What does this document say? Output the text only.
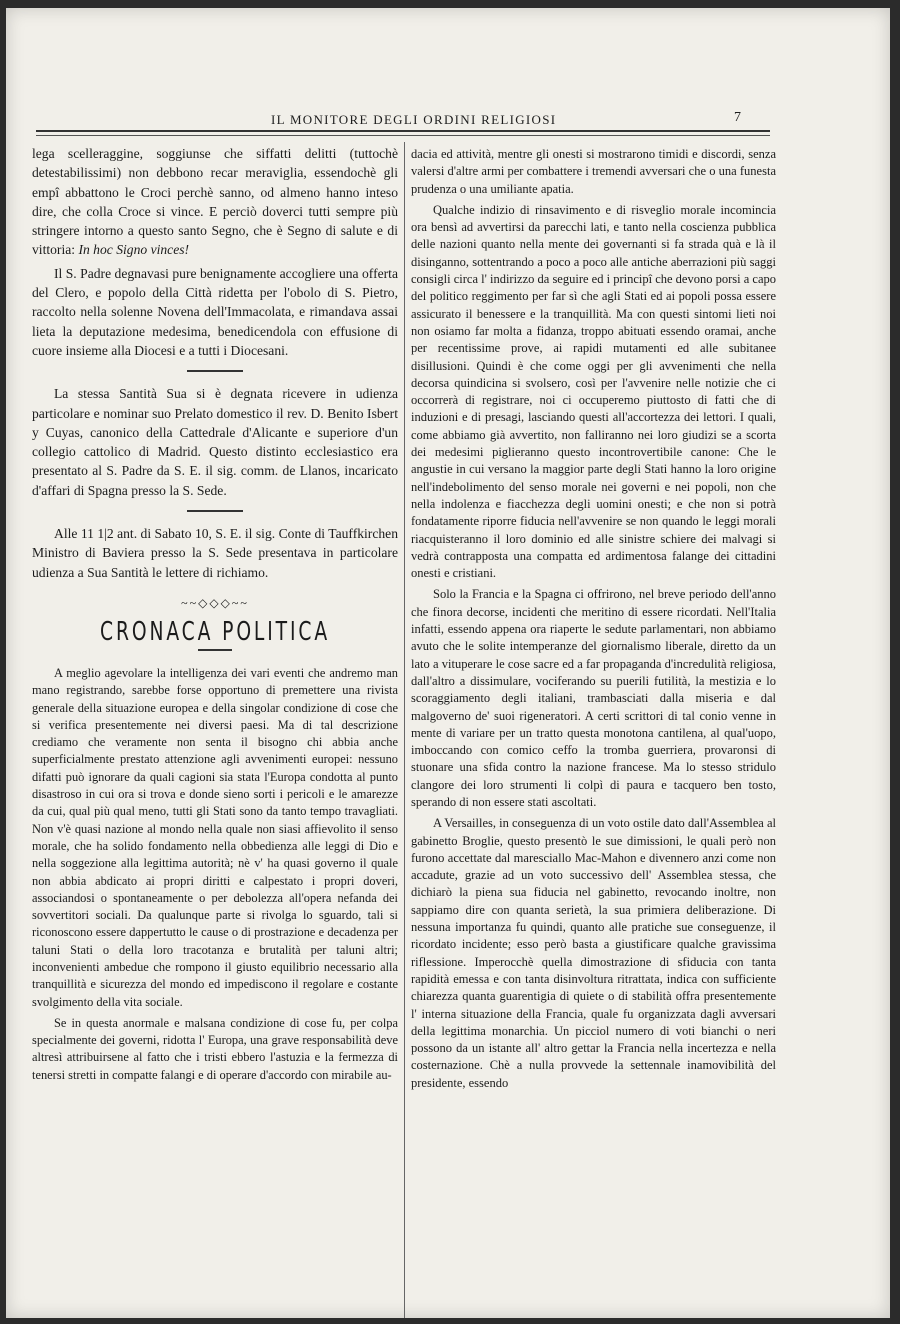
IL MONITORE DEGLI ORDINI RELIGIOSI	7

lega scelleraggine, soggiunse che siffatti delitti (tuttochè detestabilissimi) non debbono recar meraviglia, essendochè gli empî abbattono le Croci perchè sanno, od almeno hanno inteso dire, che colla Croce si vince. E perciò doverci tutti sempre più stringere intorno a questo santo Segno, che è Segno di salute e di vittoria: In hoc Signo vinces!

Il S. Padre degnavasi pure benignamente accogliere una offerta del Clero, e popolo della Città ridetta per l'obolo di S. Pietro, raccolto nella solenne Novena dell'Immacolata, e rimandava assai lieta la deputazione medesima, benedicendola con effusione di cuore insieme alla Diocesi e a tutti i Diocesani.

La stessa Santità Sua si è degnata ricevere in udienza particolare e nominar suo Prelato domestico il rev. D. Benito Isbert y Cuyas, canonico della Cattedrale d'Alicante e superiore d'un collegio cattolico di Madrid. Questo distinto ecclesiastico era presentato al S. Padre da S. E. il sig. comm. de Llanos, incaricato d'affari di Spagna presso la S. Sede.

Alle 11 1|2 ant. di Sabato 10, S. E. il sig. Conte di Tauffkirchen Ministro di Baviera presso la S. Sede presentava in particolare udienza a Sua Santità le lettere di richiamo.

~~◇◇◇~~
CRONACA POLITICA

A meglio agevolare la intelligenza dei vari eventi che andremo man mano registrando, sarebbe forse opportuno di premettere una rivista generale della situazione europea e della singolar condizione di cose che si verifica presentemente nei diversi paesi. Ma di tal descrizione crediamo che veramente non senta il bisogno chi abbia anche superficialmente prestato attenzione agli avvenimenti europei: nessuno difatti può ignorare da quali cagioni sia stata l'Europa condotta al punto disastroso in cui ora si trova e donde sieno sorti i pericoli e le amarezze da cui, qual più qual meno, tutti gli Stati sono da tanto tempo travagliati. Non v'è quasi nazione al mondo nella quale non siasi affievolito il senso morale, che ha solido fondamento nella obbedienza alle leggi di Dio e nella soggezione alla legittima autorità; nè v' ha quasi governo il quale non abbia abdicato ai propri diritti e calpestato i propri doveri, associandosi o spontaneamente o per debolezza all'opera nefanda dei sovvertitori sociali. Da qualunque parte si rivolga lo sguardo, tali si riconoscono essere dappertutto le cause o di prostrazione e decadenza per taluni Stati o della loro tracotanza e brutalità per taluni altri; inconvenienti ambedue che rompono il giusto equilibrio necessario alla tranquillità e sicurezza del mondo ed impediscono il regolare e costante svolgimento della vita sociale.

Se in questa anormale e malsana condizione di cose fu, per colpa specialmente dei governi, ridotta l' Europa, una grave responsabilità deve altresì attribuirsene al fatto che i tristi ebbero l'astuzia e la fermezza di tenersi stretti in compatte falangi e di operare d'accordo con mirabile au-

dacia ed attività, mentre gli onesti si mostrarono timidi e discordi, senza valersi d'altre armi per combattere i tremendi avversari che o una funesta prudenza o una umiliante apatia.

Qualche indizio di rinsavimento e di risveglio morale incomincia ora bensì ad avvertirsi da parecchi lati, e tanto nella coscienza pubblica delle nazioni quanto nella mente dei governanti si fa strada quà e là il disinganno, sottentrando a poco a poco alle antiche aberrazioni più saggi consigli circa l' indirizzo da seguire ed i principî che devono porsi a capo del politico reggimento per far sì che agli Stati ed ai popoli possa essere assicurato il benessere e la tranquillità. Ma con questi sintomi lieti noi non osiamo far molta a fidanza, troppo abituati essendo oramai, anche per recentissime prove, ai rapidi mutamenti ed alle subitanee disillusioni. Quindi è che come oggi per gli avvenimenti che nella decorsa quindicina si svolsero, così per l'avvenire nelle notizie che ci occorrerà di registrare, noi ci occuperemo piuttosto di fatti che di induzioni e di presagi, lasciando questi all'accortezza dei lettori. I quali, come abbiamo già avvertito, non falliranno nei loro giudizi se a scorta dei medesimi piglieranno questo incontrovertibile canone: Che le angustie in cui versano la maggior parte degli Stati hanno la loro origine nell'indebolimento del senso morale nei governi e nei popoli, non che nella indolenza e fiacchezza degli uomini onesti; e che non si potrà fondatamente riporre fiducia nell'avvenire se non quando le leggi morali riacquisteranno il loro dominio ed alle sinistre schiere dei malvagi si vedrà contrapposta una compatta ed ardimentosa falange dei cittadini onesti e cristiani.

Solo la Francia e la Spagna ci offrirono, nel breve periodo dell'anno che finora decorse, incidenti che meritino di essere ricordati. Nell'Italia infatti, essendo appena ora riaperte le sedute parlamentari, non abbiamo avuto che le solite intemperanze del giornalismo liberale, diretto da un lato a vituperare le cose sacre ed a far propaganda d'incredulità religiosa, dall'altro a dissimulare, vociferando su puerili futilità, la mestizia e lo scoraggiamento degli italiani, trambasciati dalla miseria e dal malgoverno de' suoi rigeneratori. A certi scrittori di tal conio venne in mente di variare per un tratto questa monotona cantilena, al qual'uopo, imboccando con comico ceffo la tromba guerriera, provaronsi di stuonare una sfida contro la nazione francese. Ma lo stesso stridulo clangore dei loro strumenti li colpì di paura e tacquero ben tosto, sperando di non essere stati ascoltati.

A Versailles, in conseguenza di un voto ostile dato dall'Assemblea al gabinetto Broglie, questo presentò le sue dimissioni, le quali però non furono accettate dal maresciallo Mac-Mahon e divennero anzi come non accadute, grazie ad un voto successivo dell' Assemblea stessa, che dichiarò la piena sua fiducia nel gabinetto, revocando inoltre, non sappiamo dire con quanta serietà, la sua primiera deliberazione. Di nessuna importanza fu quindi, quanto alle pratiche sue conseguenze, il ricordato incidente; esso però basta a giustificare qualche gravissima riflessione. Imperocchè quella dimostrazione di sfiducia con tanta rapidità emessa e con tanta disinvoltura ritrattata, indica con sufficiente chiarezza quanta guarentigia di quiete o di stabilità offra presentemente l' interna situazione della Francia, quale fu organizzata dagli avversari della legittima monarchia. Un picciol numero di voti bianchi o neri possono da un istante all' altro gettar la Francia nella incertezza e nella costernazione. Chè a nulla provvede la settennale inamovibilità del presidente, essendo
